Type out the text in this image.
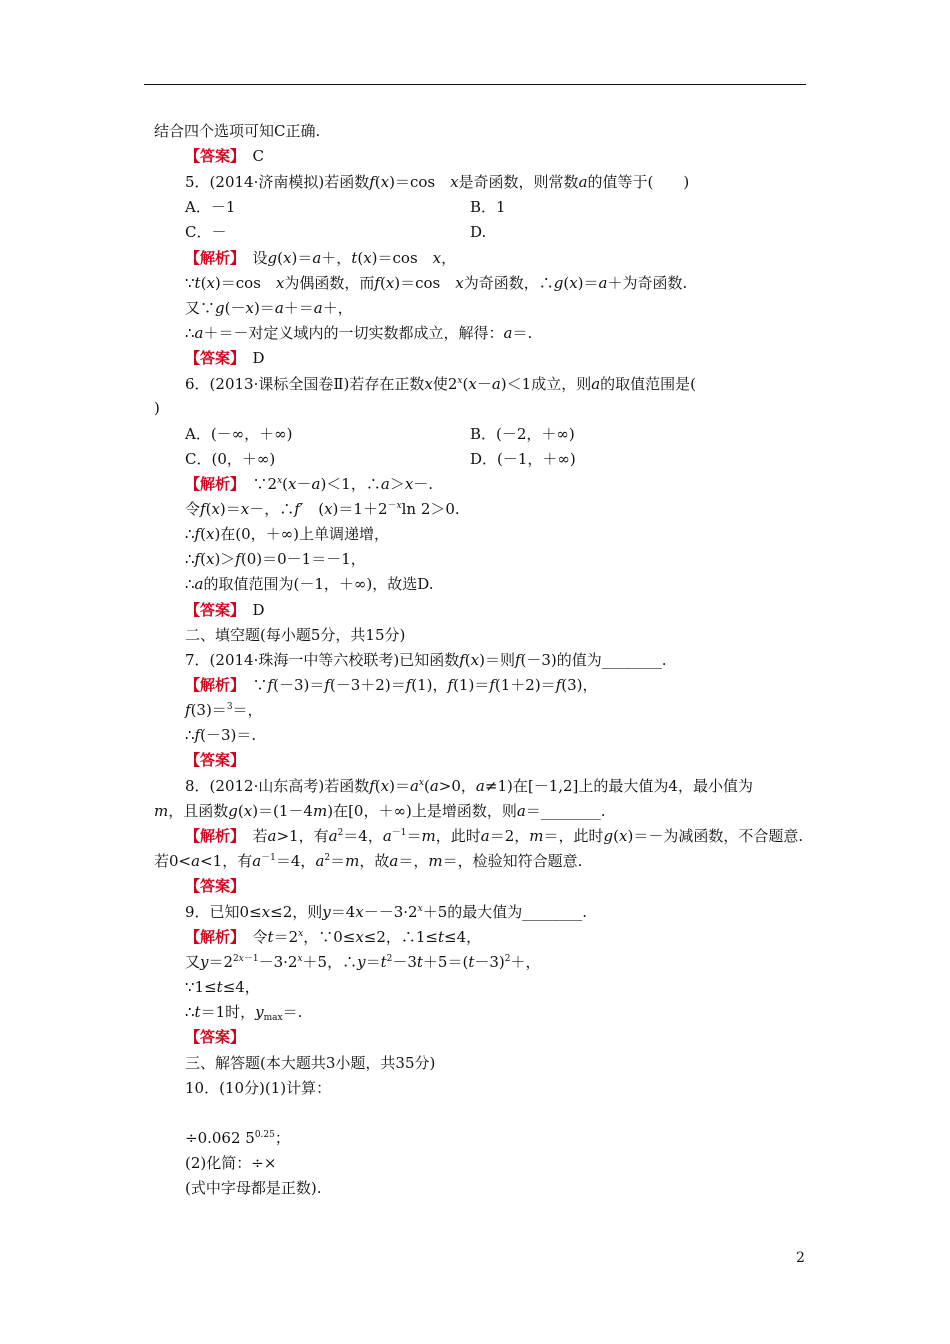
结合四个选项可知C正确.
【答案】　 C
5．(2014·济南模拟)若函数f(x)＝cos　x是奇函数，则常数a的值等于(　　)
A．－1	B．1
C．－	D.
【解析】　 设g(x)＝a＋，t(x)＝cos　x，
∵t(x)＝cos　x为偶函数，而f(x)＝cos　x为奇函数，∴g(x)＝a＋为奇函数.
又∵g(－x)＝a＋＝a＋，
∴a＋＝－对定义域内的一切实数都成立，解得：a＝.
【答案】　 D
6．(2013·课标全国卷Ⅱ)若存在正数x使$2^x(x-a)<1$成立，则a的取值范围是(
)
A．(－∞，＋∞)	B．(－2，＋∞)
C．(0，＋∞)	D．(－1，＋∞)
【解析】　$\because 2^x(x-a)<1$，∴a＞x－.
令f(x)＝x－，∴f′　$(x)=1+2^{-x}\ln$ 2＞0.
∴f(x)在(0，＋∞)上单调递增，
∴f(x)＞f(0)＝0－1＝－1，
∴a的取值范围为(－1，＋∞)，故选D.
【答案】　 D
二、填空题(每小题5分，共15分)
7．(2014·珠海一中等六校联考)已知函数f(x)＝则f(－3)的值为________.
【解析】　∵f(－3)＝f(－3＋2)＝f(1)，f(1)＝f(1＋2)＝f(3)，
f(3)＝$^3$＝，
∴f(－3)＝.
【答案】
8．(2012·山东高考)若函数$f(x)=a^x(a>0$，a≠1)在[－1,2]上的最大值为4，最小值为
m，且函数g(x)＝(1－4m)在[0，＋∞)上是增函数，则a＝________.
【解析】　若a>1，有$a^2=4$，$a^{-1}=m$，此时a＝2，m＝，此时g(x)＝－为减函数，不合题意.
若0<a<1，有$a^{-1}=4$，$a^2=m$，故a＝，m＝，检验知符合题意.
【答案】
9．已知0≤x≤2，则$y=4x--3\cdot 2^x+5$的最大值为________.
【解析】　令$t=2^x$，∵0≤x≤2，∴1≤t≤4，
又$y=2^{2x-1}-3\cdot 2^x+5$，$\therefore y=t^2-3t+5=(t-3)^2+$，
∵1≤t≤4，
∴t＝1时，$y_{max}=$.
【答案】
三、解答题(本大题共3小题，共35分)
10．(10分)(1)计算：
÷0.062 $5^{0.25}$；
(2)化简：÷×
(式中字母都是正数).
2
